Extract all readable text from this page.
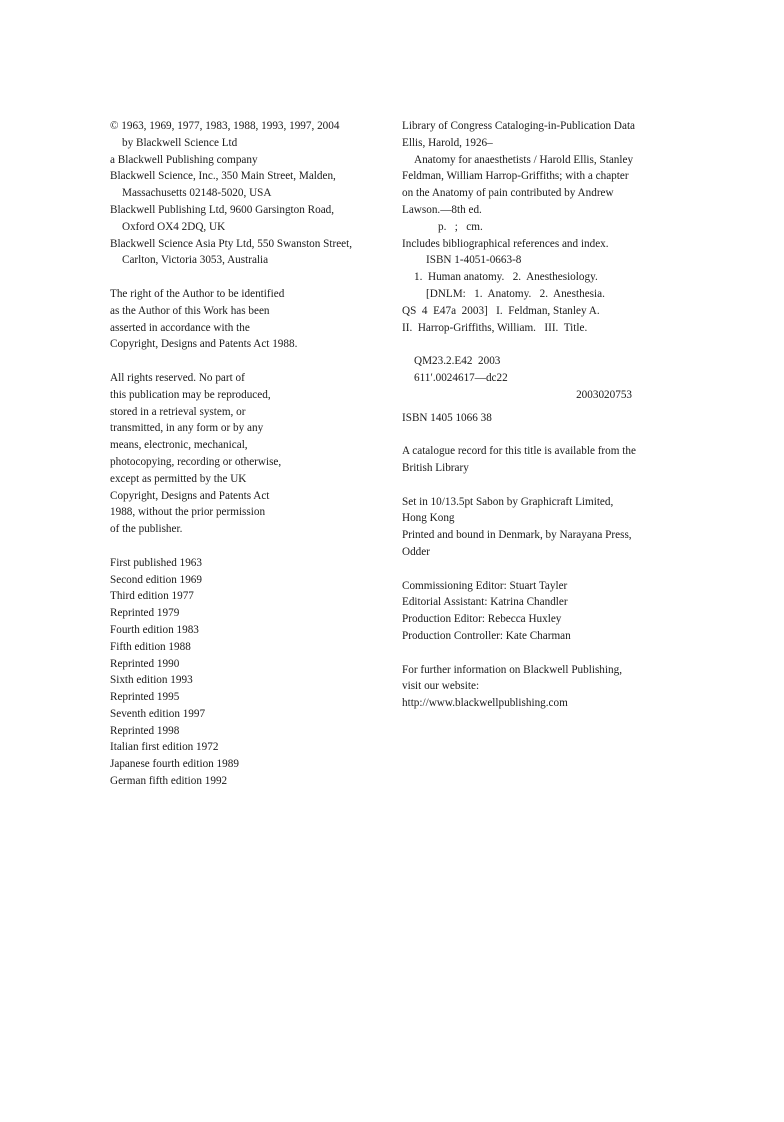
© 1963, 1969, 1977, 1983, 1988, 1993, 1997, 2004
by Blackwell Science Ltd
a Blackwell Publishing company
Blackwell Science, Inc., 350 Main Street, Malden,
Massachusetts 02148-5020, USA
Blackwell Publishing Ltd, 9600 Garsington Road,
Oxford OX4 2DQ, UK
Blackwell Science Asia Pty Ltd, 550 Swanston Street,
Carlton, Victoria 3053, Australia
The right of the Author to be identified
as the Author of this Work has been
asserted in accordance with the
Copyright, Designs and Patents Act 1988.
All rights reserved. No part of
this publication may be reproduced,
stored in a retrieval system, or
transmitted, in any form or by any
means, electronic, mechanical,
photocopying, recording or otherwise,
except as permitted by the UK
Copyright, Designs and Patents Act
1988, without the prior permission
of the publisher.
First published 1963
Second edition 1969
Third edition 1977
Reprinted 1979
Fourth edition 1983
Fifth edition 1988
Reprinted 1990
Sixth edition 1993
Reprinted 1995
Seventh edition 1997
Reprinted 1998
Italian first edition 1972
Japanese fourth edition 1989
German fifth edition 1992
Library of Congress Cataloging-in-Publication Data
Ellis, Harold, 1926–
Anatomy for anaesthetists / Harold Ellis, Stanley
Feldman, William Harrop-Griffiths; with a chapter
on the Anatomy of pain contributed by Andrew
Lawson.—8th ed.
p.   ;   cm.
Includes bibliographical references and index.
ISBN 1-4051-0663-8
1.  Human anatomy.   2.  Anesthesiology.
[DNLM:   1.  Anatomy.   2.  Anesthesia.
QS  4  E47a  2003]   I.  Feldman, Stanley A.
II.  Harrop-Griffiths, William.   III.  Title.
QM23.2.E42  2003
611′.0024617—dc22
2003020753
ISBN 1405 1066 38
A catalogue record for this title is available from the
British Library
Set in 10/13.5pt Sabon by Graphicraft Limited,
Hong Kong
Printed and bound in Denmark, by Narayana Press,
Odder
Commissioning Editor: Stuart Tayler
Editorial Assistant: Katrina Chandler
Production Editor: Rebecca Huxley
Production Controller: Kate Charman
For further information on Blackwell Publishing,
visit our website:
http://www.blackwellpublishing.com
